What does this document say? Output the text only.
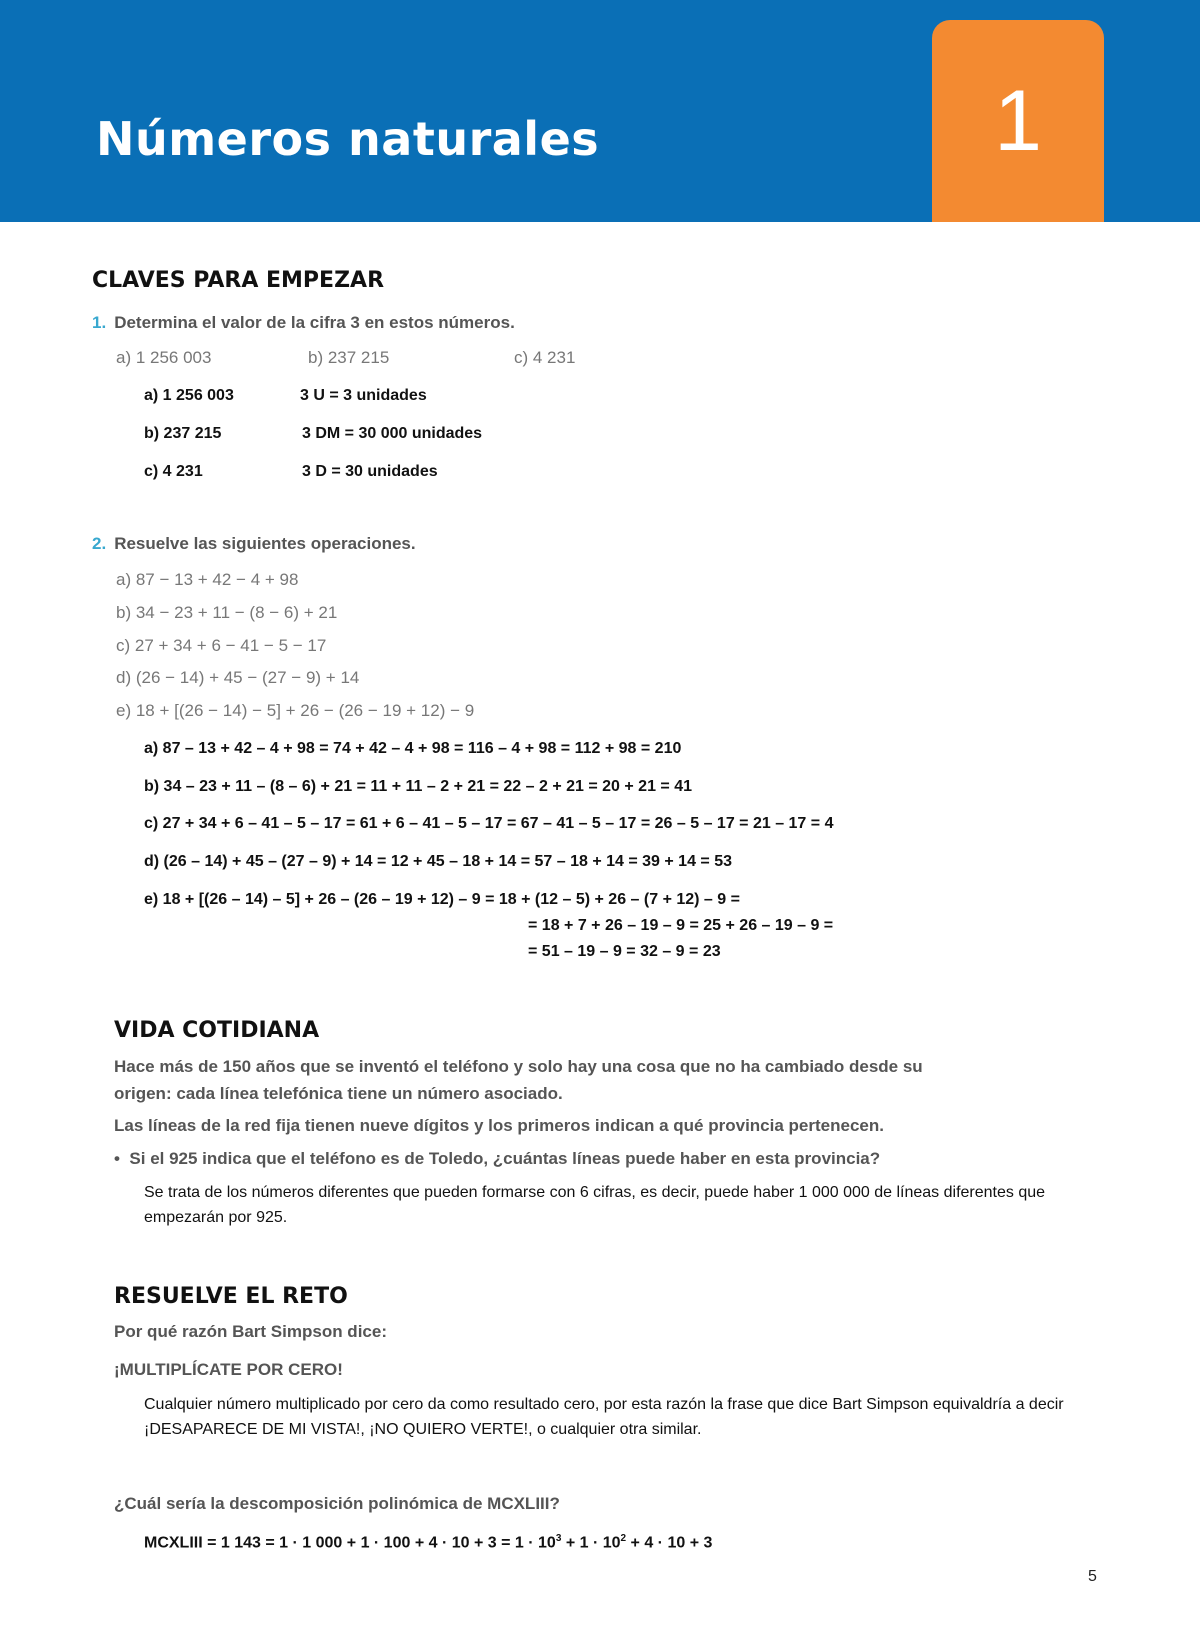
Números naturales	1
CLAVES PARA EMPEZAR
1. Determina el valor de la cifra 3 en estos números.
a) 1 256 003	b) 237 215	c) 4 231
a) 1 256 003	3 U = 3 unidades
b) 237 215	3 DM = 30 000 unidades
c) 4 231	3 D = 30 unidades
2. Resuelve las siguientes operaciones.
a) 87 − 13 + 42 − 4 + 98
b) 34 − 23 + 11 − (8 − 6) + 21
c) 27 + 34 + 6 − 41 − 5 − 17
d) (26 − 14) + 45 − (27 − 9) + 14
e) 18 + [(26 − 14) − 5] + 26 − (26 − 19 + 12) − 9
a) 87 – 13 + 42 – 4 + 98 = 74 + 42 – 4 + 98 = 116 – 4 + 98 = 112 + 98 = 210
b) 34 – 23 + 11 – (8 – 6) + 21 = 11 + 11 – 2 + 21 = 22 – 2 + 21 = 20 + 21 = 41
c) 27 + 34 + 6 – 41 – 5 – 17 = 61 + 6 – 41 – 5 – 17 = 67 – 41 – 5 – 17 = 26 – 5 – 17 = 21 – 17 = 4
d) (26 – 14) + 45 – (27 – 9) + 14 = 12 + 45 – 18 + 14 = 57 – 18 + 14 = 39 + 14 = 53
e) 18 + [(26 – 14) – 5] + 26 – (26 – 19 + 12) – 9 = 18 + (12 – 5) + 26 – (7 + 12) – 9 =
= 18 + 7 + 26 – 19 – 9 = 25 + 26 – 19 – 9 =
= 51 – 19 – 9 = 32 – 9 = 23
VIDA COTIDIANA
Hace más de 150 años que se inventó el teléfono y solo hay una cosa que no ha cambiado desde su origen: cada línea telefónica tiene un número asociado.
Las líneas de la red fija tienen nueve dígitos y los primeros indican a qué provincia pertenecen.
•  Si el 925 indica que el teléfono es de Toledo, ¿cuántas líneas puede haber en esta provincia?
Se trata de los números diferentes que pueden formarse con 6 cifras, es decir, puede haber 1 000 000 de líneas diferentes que empezarán por 925.
RESUELVE EL RETO
Por qué razón Bart Simpson dice:
¡MULTIPLÍCATE POR CERO!
Cualquier número multiplicado por cero da como resultado cero, por esta razón la frase que dice Bart Simpson equivaldría a decir ¡DESAPARECE DE MI VISTA!, ¡NO QUIERO VERTE!, o cualquier otra similar.
¿Cuál sería la descomposición polinómica de MCXLIII?
MCXLIII = 1 143 = 1 · 1 $000 + 1 \cdot 100 + 4 \cdot 10 + 3 = 1 \cdot 10^3 + 1 \cdot 10^2 + 4 \cdot 10 + 3$
5
